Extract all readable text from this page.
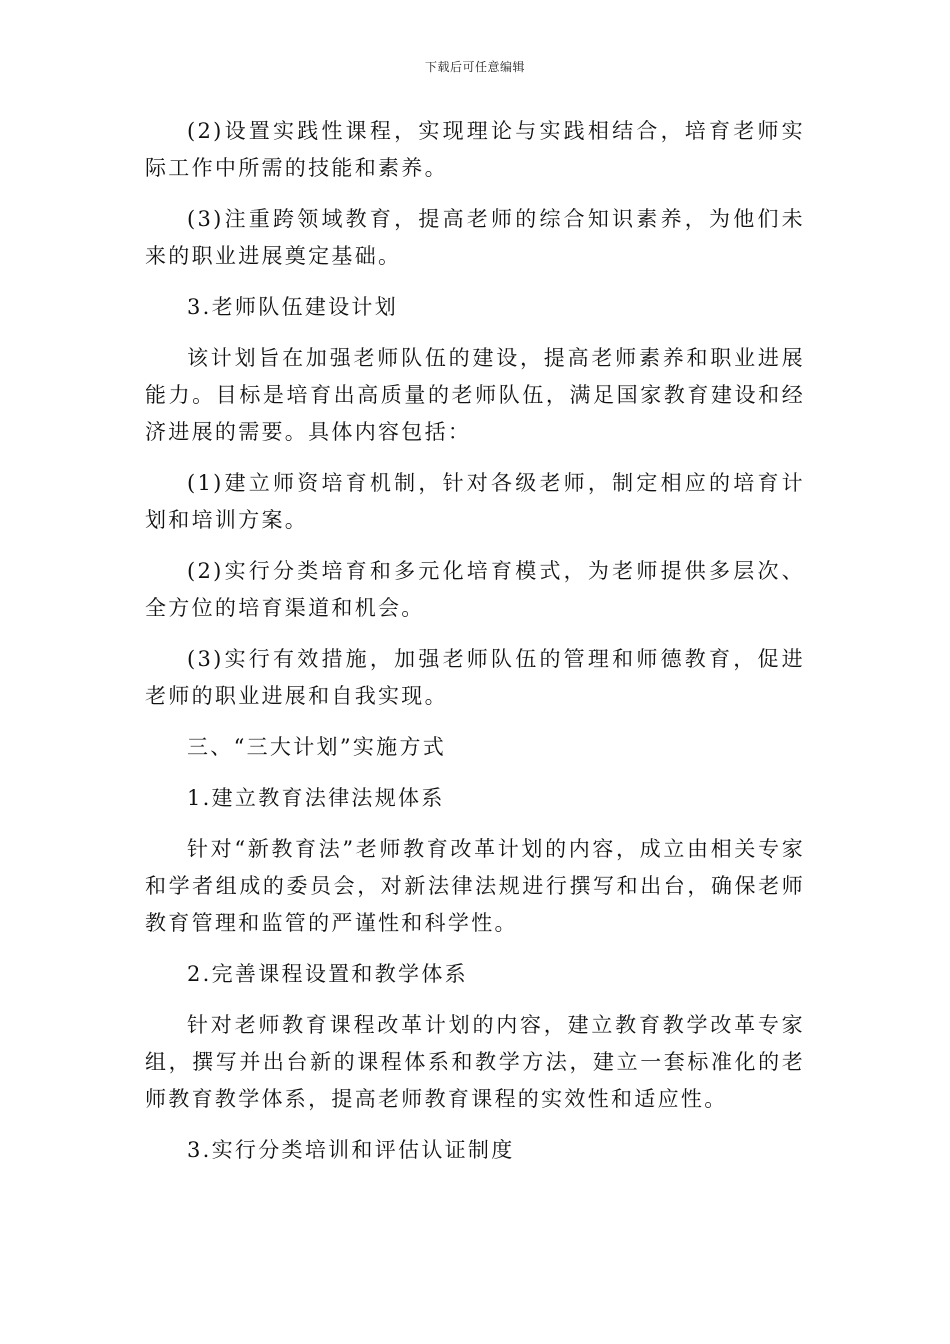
下载后可任意编辑

(2)设置实践性课程，实现理论与实践相结合，培育老师实际工作中所需的技能和素养。

(3)注重跨领域教育，提高老师的综合知识素养，为他们未来的职业进展奠定基础。

3.老师队伍建设计划

该计划旨在加强老师队伍的建设，提高老师素养和职业进展能力。目标是培育出高质量的老师队伍，满足国家教育建设和经济进展的需要。具体内容包括：

(1)建立师资培育机制，针对各级老师，制定相应的培育计划和培训方案。

(2)实行分类培育和多元化培育模式，为老师提供多层次、全方位的培育渠道和机会。

(3)实行有效措施，加强老师队伍的管理和师德教育，促进老师的职业进展和自我实现。

三、“三大计划”实施方式

1.建立教育法律法规体系

针对“新教育法”老师教育改革计划的内容，成立由相关专家和学者组成的委员会，对新法律法规进行撰写和出台，确保老师教育管理和监管的严谨性和科学性。

2.完善课程设置和教学体系

针对老师教育课程改革计划的内容，建立教育教学改革专家组，撰写并出台新的课程体系和教学方法，建立一套标准化的老师教育教学体系，提高老师教育课程的实效性和适应性。

3.实行分类培训和评估认证制度
